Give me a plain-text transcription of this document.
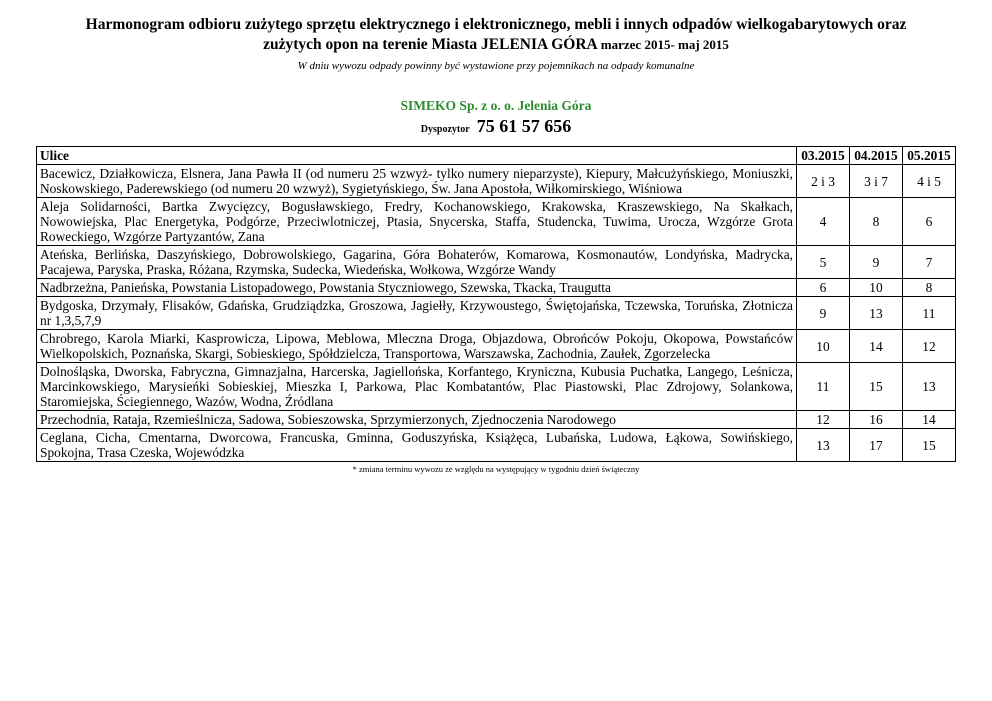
Harmonogram odbioru zużytego sprzętu elektrycznego i elektronicznego, mebli i innych odpadów wielkogabarytowych oraz
zużytych opon na terenie Miasta JELENIA GÓRA marzec 2015- maj 2015
W dniu wywozu odpady powinny być wystawione przy pojemnikach na odpady komunalne
SIMEKO Sp. z o. o. Jelenia Góra
Dyspozytor 75 61 57 656
Ulice	03.2015	04.2015	05.2015
Bacewicz, Działkowicza, Elsnera, Jana Pawła II (od numeru 25 wzwyż- tylko numery nieparzyste), Kiepury, Małcużyńskiego, Moniuszki, Noskowskiego, Paderewskiego (od numeru 20 wzwyż), Sygietyńskiego, Św. Jana Apostoła, Wiłkomirskiego, Wiśniowa	2 i 3	3 i 7	4 i 5
Aleja Solidarności, Bartka Zwycięzcy, Bogusławskiego, Fredry, Kochanowskiego, Krakowska, Kraszewskiego, Na Skałkach, Nowowiejska, Plac Energetyka, Podgórze, Przeciwlotniczej, Ptasia, Snycerska, Staffa, Studencka, Tuwima, Urocza, Wzgórze Grota Roweckiego, Wzgórze Partyzantów, Zana	4	8	6
Ateńska, Berlińska, Daszyńskiego, Dobrowolskiego, Gagarina, Góra Bohaterów, Komarowa, Kosmonautów, Londyńska, Madrycka, Pacajewa, Paryska, Praska, Różana, Rzymska, Sudecka, Wiedeńska, Wołkowa, Wzgórze Wandy	5	9	7
Nadbrzeżna, Panieńska, Powstania Listopadowego, Powstania Styczniowego, Szewska, Tkacka, Traugutta	6	10	8
Bydgoska, Drzymały, Flisaków, Gdańska, Grudziądzka, Groszowa, Jagiełły, Krzywoustego, Świętojańska, Tczewska, Toruńska, Złotnicza nr 1,3,5,7,9	9	13	11
Chrobrego, Karola Miarki, Kasprowicza, Lipowa, Meblowa, Mleczna Droga, Objazdowa, Obrońców Pokoju, Okopowa, Powstańców Wielkopolskich, Poznańska, Skargi, Sobieskiego, Spółdzielcza, Transportowa, Warszawska, Zachodnia, Zaułek, Zgorzelecka	10	14	12
Dolnośląska, Dworska, Fabryczna, Gimnazjalna, Harcerska, Jagiellońska, Korfantego, Kryniczna, Kubusia Puchatka, Langego, Leśnicza, Marcinkowskiego, Marysieńki Sobieskiej, Mieszka I, Parkowa, Plac Kombatantów, Plac Piastowski, Plac Zdrojowy, Solankowa, Staromiejska, Ściegiennego, Wazów, Wodna, Źródlana	11	15	13
Przechodnia, Rataja, Rzemieślnicza, Sadowa, Sobieszowska, Sprzymierzonych, Zjednoczenia Narodowego	12	16	14
Ceglana, Cicha, Cmentarna, Dworcowa, Francuska, Gminna, Goduszyńska, Książęca, Lubańska, Ludowa, Łąkowa, Sowińskiego, Spokojna, Trasa Czeska, Wojewódzka	13	17	15
* zmiana terminu wywozu ze względu na występujący w tygodniu dzień świąteczny
